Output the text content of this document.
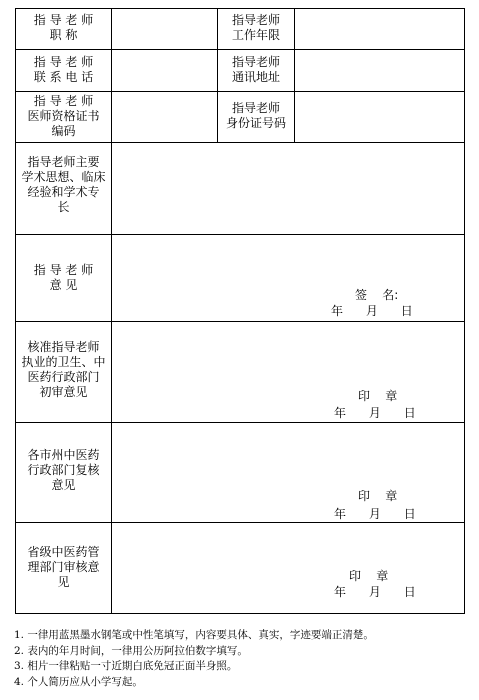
指 导 老 师
职 称
指导老师
工作年限
指 导 老 师
联 系 电 话
指导老师
通讯地址
指 导 老 师
医师资格证书
编码
指导老师
身份证号码
指导老师主要
学术思想、临床
经验和学术专
长
指 导 老 师
意 见
签    名:
年      月      日
核准指导老师
执业的卫生、中
医药行政部门
初审意见	印    章
年      月      日
各市州中医药
行政部门复核
意见
印    章
年      月      日
省级中医药管
理部门审核意
见	印    章
年      月      日
1. 一律用蓝黑墨水钢笔或中性笔填写，内容要具体、真实，字迹要端正清楚。
2. 表内的年月时间，一律用公历阿拉伯数字填写。
3. 相片一律粘贴一寸近期白底免冠正面半身照。
4. 个人简历应从小学写起。
